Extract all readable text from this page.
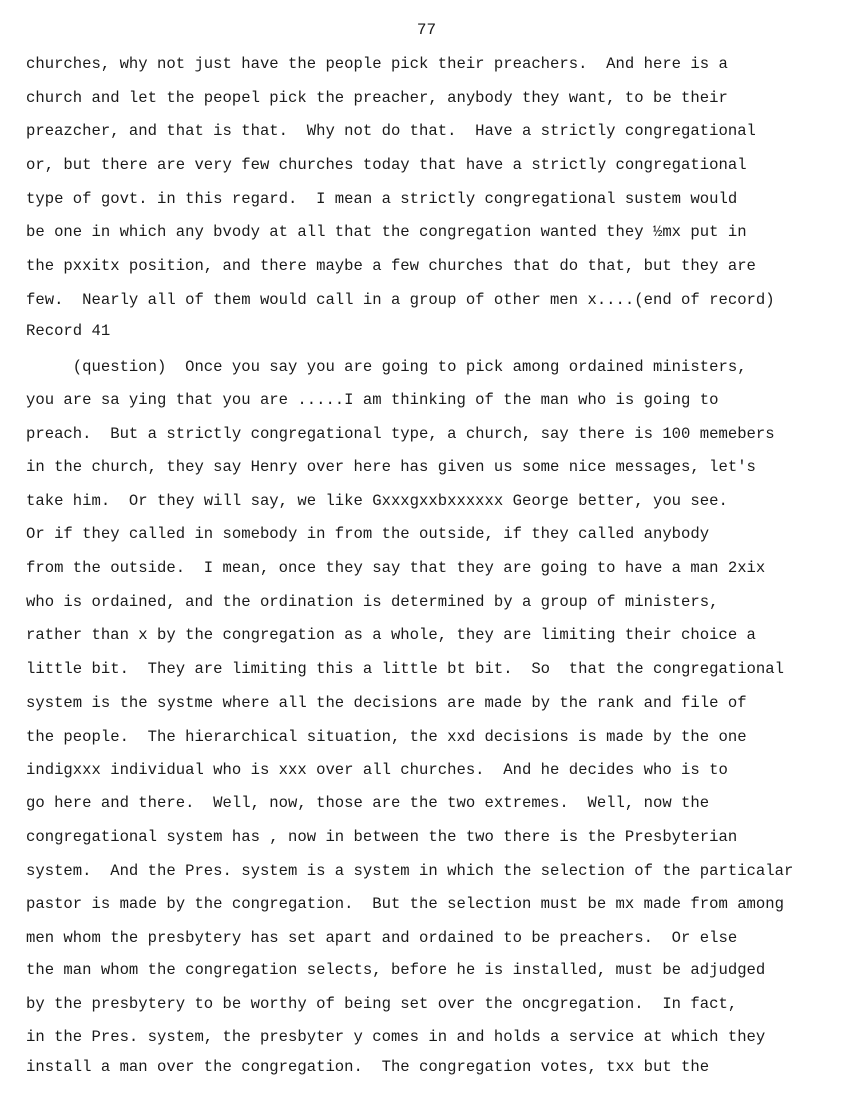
77
churches, why not just have the people pick their preachers.  And here is a
church and let the peopel pick the preacher, anybody they want, to be their
preazcher, and that is that.  Why not do that.  Have a strictly congregational
or, but there are very few churches today that have a strictly congregational
type of govt. in this regard.  I mean a strictly congregational sustem would
be one in which any bvody at all that the congregation wanted they ½mx put in
the pxxitx position, and there maybe a few churches that do that, but they are
few.  Nearly all of them would call in a group of other men x....(end of record)
Record 41
(question)  Once you say you are going to pick among ordained ministers,
you are sa ying that you are .....I am thinking of the man who is going to
preach.  But a strictly congregational type, a church, say there is 100 memebers
in the church, they say Henry over here has given us some nice messages, let's
take him.  Or they will say, we like Gxxxgxxbxxxxxx George better, you see.
Or if they called in somebody in from the outside, if they called anybody
from the outside.  I mean, once they say that they are going to have a man 2xix
who is ordained, and the ordination is determined by a group of ministers,
rather than x by the congregation as a whole, they are limiting their choice a
little bit.  They are limiting this a little bt bit.  So  that the congregational
system is the systme where all the decisions are made by the rank and file of
the people.  The hierarchical situation, the xxd decisions is made by the one
indigxxx individual who is xxx over all churches.  And he decides who is to
go here and there.  Well, now, those are the two extremes.  Well, now the
congregational system has , now in between the two there is the Presbyterian
system.  And the Pres. system is a system in which the selection of the particalar
pastor is made by the congregation.  But the selection must be mx made from among
men whom the presbytery has set apart and ordained to be preachers.  Or else
the man whom the congregation selects, before he is installed, must be adjudged
by the presbytery to be worthy of being set over the oncgregation.  In fact,
in the Pres. system, the presbyter y comes in and holds a service at which they
install a man over the congregation.  The congregation votes, txx but the
